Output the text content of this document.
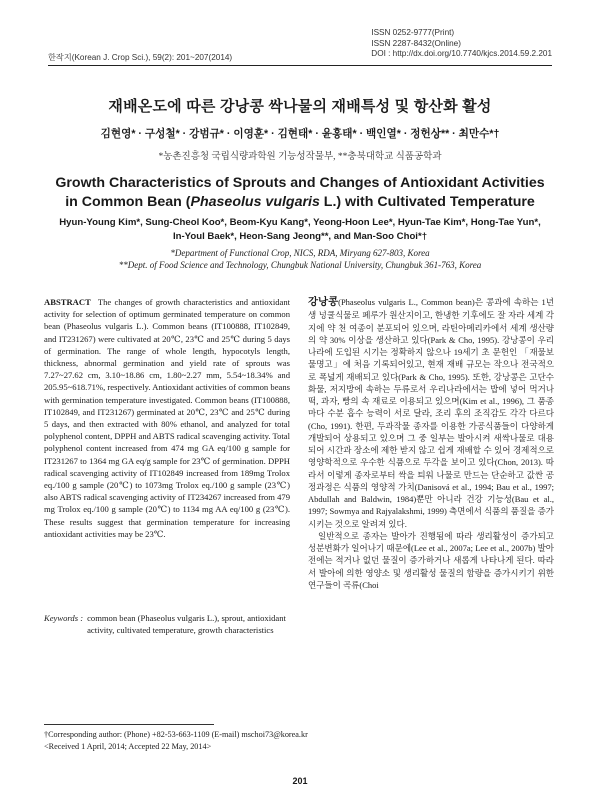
ISSN 0252-9777(Print)
ISSN 2287-8432(Online)
DOI : http://dx.doi.org/10.7740/kjcs.2014.59.2.201
한작지(Korean J. Crop Sci.), 59(2): 201~207(2014)
재배온도에 따른 강낭콩 싹나물의 재배특성 및 항산화 활성
김현영* · 구성철* · 강범규* · 이영훈* · 김현태* · 윤홍태* · 백인열* · 정헌상** · 최만수*†
*농촌진흥청 국립식량과학원 기능성작물부, **충북대학교 식품공학과
Growth Characteristics of Sprouts and Changes of Antioxidant Activities
in Common Bean (Phaseolus vulgaris L.) with Cultivated Temperature
Hyun-Young Kim*, Sung-Cheol Koo*, Beom-Kyu Kang*, Yeong-Hoon Lee*, Hyun-Tae Kim*, Hong-Tae Yun*,
In-Youl Baek*, Heon-Sang Jeong**, and Man-Soo Choi*†
*Department of Functional Crop, NICS, RDA, Miryang 627-803, Korea
**Dept. of Food Science and Technology, Chungbuk National University, Chungbuk 361-763, Korea
ABSTRACT The changes of growth characteristics and antioxidant activity for selection of optimum germinated temperature on common bean (Phaseolus vulgaris L.). Common beans (IT100888, IT102849, and IT231267) were cultivated at 20℃, 23℃ and 25℃ during 5 days of germination. The range of whole length, hypocotyls length, thickness, abnormal germination and yield rate of sprouts was 7.27~27.62 cm, 3.10~18.86 cm, 1.80~2.27 mm, 5.54~18.34% and 205.95~618.71%, respectively. Antioxidant activities of common beans with germination temperature investigated. Common beans (IT100888, IT102849, and IT231267) germinated at 20℃, 23℃ and 25℃ during 5 days, and then extracted with 80% ethanol, and analyzed for total polyphenol content, DPPH and ABTS radical scavenging activity. Total polyphenol content increased from 474 mg GA eq/100 g sample for IT231267 to 1364 mg GA eq/g sample for 23℃ of germination. DPPH radical scavenging activity of IT102849 increased from 189mg Trolox eq./100 g sample (20℃) to 1073mg Trolox eq./100 g sample (23℃) also ABTS radical scavenging activity of IT234267 increased from 479 mg Trolox eq./100 g sample (20℃) to 1134 mg AA eq/100 g (23℃). These results suggest that germination temperature for increasing antioxidant activities may be 23℃.
Keywords : common bean (Phaseolus vulgaris L.), sprout, antioxidant activity, cultivated temperature, growth characteristics
강낭콩(Phaseolus vulgaris L., Common bean)은 콩과에 속하는 1년생 넝쿨식물로 페루가 원산지이고, 한냉한 기후에도 잘 자라 세계 각지에 약 천 여종이 분포되어 있으며, 라틴아메리카에서 세계 생산량의 약 30% 이상을 생산하고 있다(Park & Cho, 1995). 강낭콩이 우리나라에 도입된 시기는 정확하지 않으나 19세기 초 문헌인 「재물보 물명고」에 처음 기록되어있고, 현재 재배 규모는 작으나 전국적으로 폭넓게 재배되고 있다(Park & Cho, 1995). 또한, 강낭콩은 고단수화물, 저지방에 속하는 두류로서 우리나라에서는 밥에 넣어 먹거나 떡, 과자, 빵의 속 재료로 이용되고 있으며(Kim et al., 1996), 그 품종마다 수분 흡수 능력이 서로 달라, 조리 후의 조직감도 각각 다르다(Cho, 1991). 한편, 두과작물 종자를 이용한 가공식품들이 다양하게 개발되어 상용되고 있으며 그 중 일부는 발아시켜 새싹나물로 대용되어 시간과 장소에 제한 받지 않고 쉽게 재배할 수 있어 경제적으로 영양학적으로 우수한 식품으로 두각을 보이고 있다(Chon, 2013). 따라서 이렇게 종자로부터 싹을 틔워 나물로 만드는 단순하고 값싼 공정과정은 식품의 영양적 가치(Danisová et al., 1994; Bau et al., 1997; Abdullah and Baldwin, 1984)뿐만 아니라 건강 기능성(Bau et al., 1997; Sowmya and Rajyalakshmi, 1999) 측면에서 식품의 품질을 증가시키는 것으로 알려져 있다.
일반적으로 종자는 발아가 진행됨에 따라 생리활성이 증가되고 성분변화가 일어나기 때문에(Lee et al., 2007a; Lee et al., 2007b) 발아 전에는 적거나 없던 물질이 증가하거나 새롭게 나타나게 된다. 따라서 발아에 의한 영양소 및 생리활성 물질의 함량을 증가시키기 위한 연구들이 곡류(Choi
†Corresponding author: (Phone) +82-53-663-1109 (E-mail) mschoi73@korea.kr
<Received 1 April, 2014; Accepted 22 May, 2014>
201
